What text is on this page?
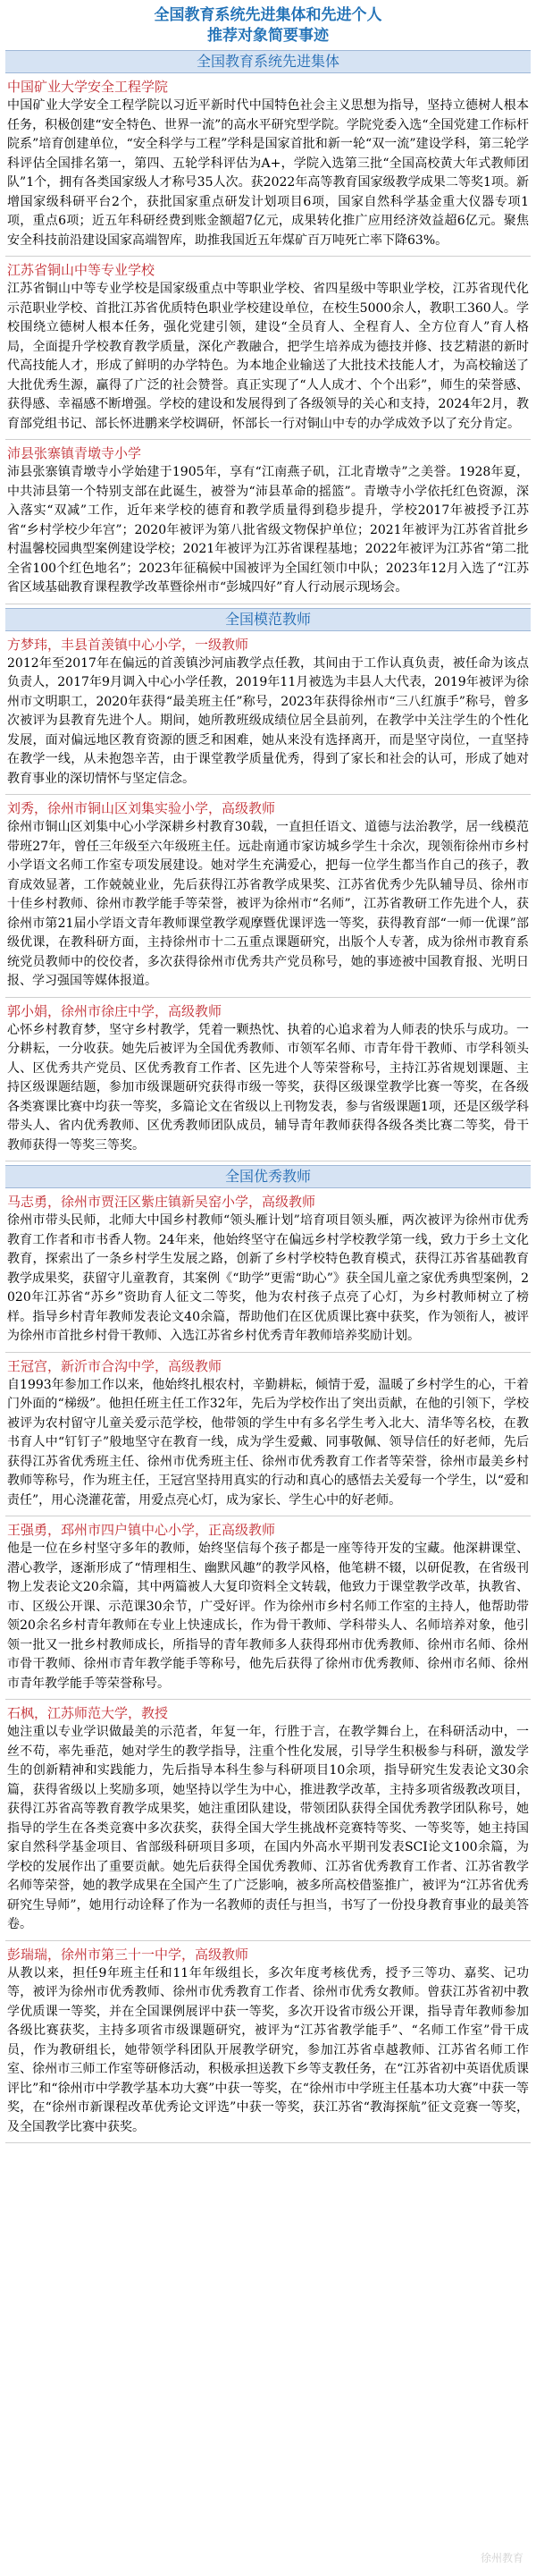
全国教育系统先进集体和先进个人

推荐对象简要事迹

全国教育系统先进集体

中国矿业大学安全工程学院

中国矿业大学安全工程学院以习近平新时代中国特色社会主义思想为指导，坚持立德树人根本任务，积极创建“安全特色、世界一流”的高水平研究型学院。学院党委入选“全国党建工作标杆院系”培育创建单位，“安全科学与工程”学科是国家首批和新一轮“双一流”建设学科，第三轮学科评估全国排名第一，第四、五轮学科评估为A+，学院入选第三批“全国高校黄大年式教师团队”1个，拥有各类国家级人才称号35人次。获2022年高等教育国家级教学成果二等奖1项。新增国家级科研平台2个，获批国家重点研发计划项目6项，国家自然科学基金重大仪器专项1项，重点6项；近五年科研经费到账金额超7亿元，成果转化推广应用经济效益超6亿元。聚焦安全科技前沿建设国家高端智库，助推我国近五年煤矿百万吨死亡率下降63%。

江苏省铜山中等专业学校

江苏省铜山中等专业学校是国家级重点中等职业学校、省四星级中等职业学校，江苏省现代化示范职业学校、首批江苏省优质特色职业学校建设单位，在校生5000余人，教职工360人。学校围绕立德树人根本任务，强化党建引领，建设“全员育人、全程育人、全方位育人”育人格局，全面提升学校教育教学质量，深化产教融合，把学生培养成为德技并修、技艺精湛的新时代高技能人才，形成了鲜明的办学特色。为本地企业输送了大批技术技能人才，为高校输送了大批优秀生源，赢得了广泛的社会赞誉。真正实现了“人人成才、个个出彩”，师生的荣誉感、获得感、幸福感不断增强。学校的建设和发展得到了各级领导的关心和支持，2024年2月，教育部党组书记、部长怀进鹏来学校调研，怀部长一行对铜山中专的办学成效予以了充分肯定。

沛县张寨镇青墩寺小学

沛县张寨镇青墩寺小学始建于1905年，享有“江南燕子矶，江北青墩寺”之美誉。1928年夏，中共沛县第一个特别支部在此诞生，被誉为“沛县革命的摇篮”。青墩寺小学依托红色资源，深入落实“双减”工作，近年来学校的德育和教学质量得到稳步提升，学校2017年被授予江苏省“乡村学校少年宫”；2020年被评为第八批省级文物保护单位；2021年被评为江苏省首批乡村温馨校园典型案例建设学校；2021年被评为江苏省课程基地；2022年被评为江苏省“第二批全省100个红色地名”；2023年征稿候中国被评为全国红领巾中队；2023年12月入选了“江苏省区域基础教育课程教学改革暨徐州市“彭城四好”育人行动展示现场会。

全国模范教师

方梦玮，丰县首羡镇中心小学，一级教师

2012年至2017年在偏远的首羡镇沙河庙教学点任教，其间由于工作认真负责，被任命为该点负责人，2017年9月调入中心小学任教，2019年11月被选为丰县人大代表，2019年被评为徐州市文明职工，2020年获得“最美班主任”称号，2023年获得徐州市“三八红旗手”称号，曾多次被评为县教育先进个人。期间，她所教班级成绩位居全县前列，在教学中关注学生的个性化发展，面对偏远地区教育资源的匮乏和困难，她从来没有选择离开，而是坚守岗位，一直坚持在教学一线，从未抱怨辛苦，由于课堂教学质量优秀，得到了家长和社会的认可，形成了她对教育事业的深切情怀与坚定信念。

刘秀，徐州市铜山区刘集实验小学，高级教师

徐州市铜山区刘集中心小学深耕乡村教育30载，一直担任语文、道德与法治教学，居一线模范带班27年，曾任三年级至六年级班主任。远赴南通市家访城乡学生十余次，现领衔徐州市乡村小学语文名师工作室专项发展建设。她对学生充满爱心，把每一位学生都当作自己的孩子，教育成效显著，工作兢兢业业，先后获得江苏省教学成果奖、江苏省优秀少先队辅导员、徐州市十佳乡村教师、徐州市教学能手等荣誉，被评为徐州市“名师”，江苏省教研工作先进个人，获徐州市第21届小学语文青年教师课堂教学观摩暨优课评选一等奖，获得教育部“一师一优课”部级优课，在教科研方面，主持徐州市十二五重点课题研究，出版个人专著，成为徐州市教育系统党员教师中的佼佼者，多次获得徐州市优秀共产党员称号，她的事迹被中国教育报、光明日报、学习强国等媒体报道。

郭小娟，徐州市徐庄中学，高级教师

心怀乡村教育梦，坚守乡村教学，凭着一颗热忱、执着的心追求着为人师表的快乐与成功。一分耕耘，一分收获。她先后被评为全国优秀教师、市领军名师、市青年骨干教师、市学科领头人、区优秀共产党员、区优秀教育工作者、区先进个人等荣誉称号，主持江苏省规划课题、主持区级课题结题，参加市级课题研究获得市级一等奖，获得区级课堂教学比赛一等奖，在各级各类赛课比赛中均获一等奖，多篇论文在省级以上刊物发表，参与省级课题1项，还是区级学科带头人、省内优秀教师、区优秀教师团队成员，辅导青年教师获得各级各类比赛二等奖，骨干教师获得一等奖三等奖。

全国优秀教师

马志勇，徐州市贾汪区紫庄镇新吴窑小学，高级教师

徐州市带头民师，北师大中国乡村教师“领头雁计划”培育项目领头雁，两次被评为徐州市优秀教育工作者和市书香人物。24年来，他始终坚守在偏远乡村学校教学第一线，致力于乡土文化教育，探索出了一条乡村学生发展之路，创新了乡村学校特色教育模式，获得江苏省基础教育教学成果奖，获留守儿童教育，其案例《“助学”更需“助心”》获全国儿童之家优秀典型案例，2020年江苏省“苏乡”资助育人征文二等奖，他为农村孩子点亮了心灯，为乡村教师树立了榜样。指导乡村青年教师发表论文40余篇，帮助他们在区优质课比赛中获奖，作为领衔人，被评为徐州市首批乡村骨干教师、入选江苏省乡村优秀青年教师培养奖励计划。

王冠宫，新沂市合沟中学，高级教师

自1993年参加工作以来，他始终扎根农村，辛勤耕耘，倾情于爱，温暖了乡村学生的心，干着门外面的“梯级”。他担任班主任工作32年，先后为学校作出了突出贡献，在他的引领下，学校被评为农村留守儿童关爱示范学校，他带领的学生中有多名学生考入北大、清华等名校，在教书育人中“钉钉子”般地坚守在教育一线，成为学生爱戴、同事敬佩、领导信任的好老师，先后获得江苏省优秀班主任、徐州市优秀班主任、徐州市优秀教育工作者等荣誉，徐州市最美乡村教师等称号，作为班主任，王冠宫坚持用真实的行动和真心的感悟去关爱每一个学生，以“爱和责任”，用心浇灌花蕾，用爱点亮心灯，成为家长、学生心中的好老师。

王强勇，邳州市四户镇中心小学，正高级教师

他是一位在乡村坚守多年的教师，始终坚信每个孩子都是一座等待开发的宝藏。他深耕课堂、潜心教学，逐渐形成了“情理相生、幽默风趣”的教学风格，他笔耕不辍，以研促教，在省级刊物上发表论文20余篇，其中两篇被人大复印资料全文转载，他致力于课堂教学改革，执教省、市、区级公开课、示范课30余节，广受好评。作为徐州市乡村名师工作室的主持人，他帮助带领20余名乡村青年教师在专业上快速成长，作为骨干教师、学科带头人、名师培养对象，他引领一批又一批乡村教师成长，所指导的青年教师多人获得邳州市优秀教师、徐州市名师、徐州市骨干教师、徐州市青年教学能手等称号，他先后获得了徐州市优秀教师、徐州市名师、徐州市青年教学能手等荣誉称号。

石枫，江苏师范大学，教授

她注重以专业学识做最美的示范者，年复一年，行胜于言，在教学舞台上，在科研活动中，一丝不苟，率先垂范，她对学生的教学指导，注重个性化发展，引导学生积极参与科研，激发学生的创新精神和实践能力，先后指导本科生参与科研项目10余项，指导研究生发表论文30余篇，获得省级以上奖励多项，她坚持以学生为中心，推进教学改革，主持多项省级教改项目，获得江苏省高等教育教学成果奖，她注重团队建设，带领团队获得全国优秀教学团队称号，她指导的学生在各类竞赛中多次获奖，获得全国大学生挑战杯竞赛特等奖、一等奖等，她主持国家自然科学基金项目、省部级科研项目多项，在国内外高水平期刊发表SCI论文100余篇，为学校的发展作出了重要贡献。她先后获得全国优秀教师、江苏省优秀教育工作者、江苏省教学名师等荣誉，她的教学成果在全国产生了广泛影响，被多所高校借鉴推广，被评为“江苏省优秀研究生导师”，她用行动诠释了作为一名教师的责任与担当，书写了一份投身教育事业的最美答卷。

彭瑞瑞，徐州市第三十一中学，高级教师

从教以来，担任9年班主任和11年年级组长，多次年度考核优秀，授予三等功、嘉奖、记功等，被评为徐州市优秀教师、徐州市优秀教育工作者、徐州市优秀女教师。曾获江苏省初中教学优质课一等奖，并在全国课例展评中获一等奖，多次开设省市级公开课，指导青年教师参加各级比赛获奖，主持多项省市级课题研究，被评为“江苏省教学能手”、“名师工作室”骨干成员，作为教研组长，她带领学科团队开展教学研究，参加江苏省卓越教师、江苏省名师工作室、徐州市三师工作室等研修活动，积极承担送教下乡等支教任务，在“江苏省初中英语优质课评比”和“徐州市中学教学基本功大赛”中获一等奖，在“徐州市中学班主任基本功大赛”中获一等奖，在“徐州市新课程改革优秀论文评选”中获一等奖，获江苏省“教海探航”征文竞赛一等奖，及全国教学比赛中获奖。

徐州教育
